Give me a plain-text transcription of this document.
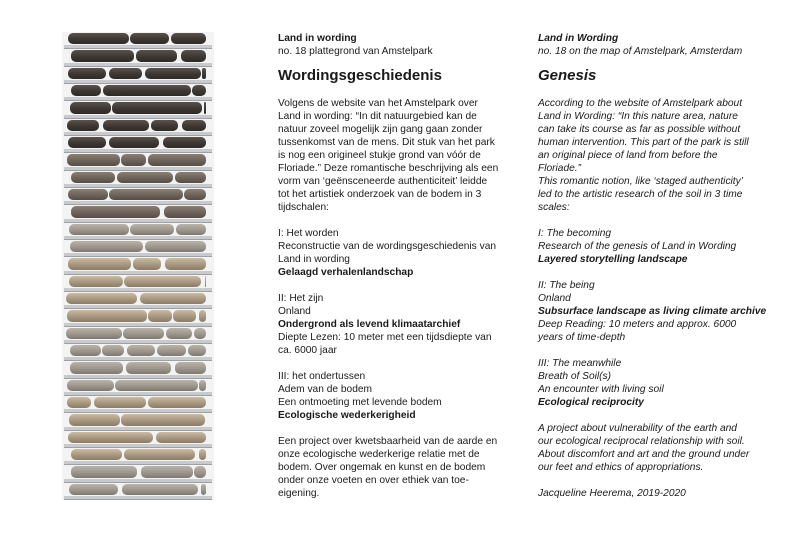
Land in wording
no. 18 plattegrond van Amstelpark
Wordingsgeschiedenis
Volgens de website van het Amstelpark over
Land in wording: “In dit natuurgebied kan de
natuur zoveel mogelijk zijn gang gaan zonder
tussenkomst van de mens. Dit stuk van het park
is nog een origineel stukje grond van vóór de
Floriade.” Deze romantische beschrijving als een
vorm van ‘geënsceneerde authenticiteit’ leidde
tot het artistiek onderzoek van de bodem in 3
tijdschalen:
I: Het worden
Reconstructie van de wordingsgeschiedenis van
Land in wording
Gelaagd verhalenlandschap
II: Het zijn
Onland
Ondergrond als levend klimaatarchief
Diepte Lezen: 10 meter met een tijdsdiepte van
ca. 6000 jaar
III: het ondertussen
Adem van de bodem
Een ontmoeting met levende bodem
Ecologische wederkerigheid
Een project over kwetsbaarheid van de aarde en
onze ecologische wederkerige relatie met de
bodem. Over ongemak en kunst en de bodem
onder onze voeten en over ethiek van toe-
eigening.
Land in Wording
no. 18 on the map of Amstelpark, Amsterdam
Genesis
According to the website of Amstelpark about
Land in Wording: “In this nature area, nature
can take its course as far as possible without
human intervention. This part of the park is still
an original piece of land from before the
Floriade.”
This romantic notion, like ‘staged authenticity’
led to the artistic research of the soil in 3 time
scales:
I: The becoming
Research of the genesis of Land in Wording
Layered storytelling landscape
II: The being
Onland
Subsurface landscape as living climate archive
Deep Reading: 10 meters and approx. 6000
years of time-depth
III: The meanwhile
Breath of Soil(s)
An encounter with living soil
Ecological reciprocity
A project about vulnerability of the earth and
our ecological reciprocal relationship with soil.
About discomfort and art and the ground under
our feet and ethics of appropriations.
Jacqueline Heerema, 2019-2020
